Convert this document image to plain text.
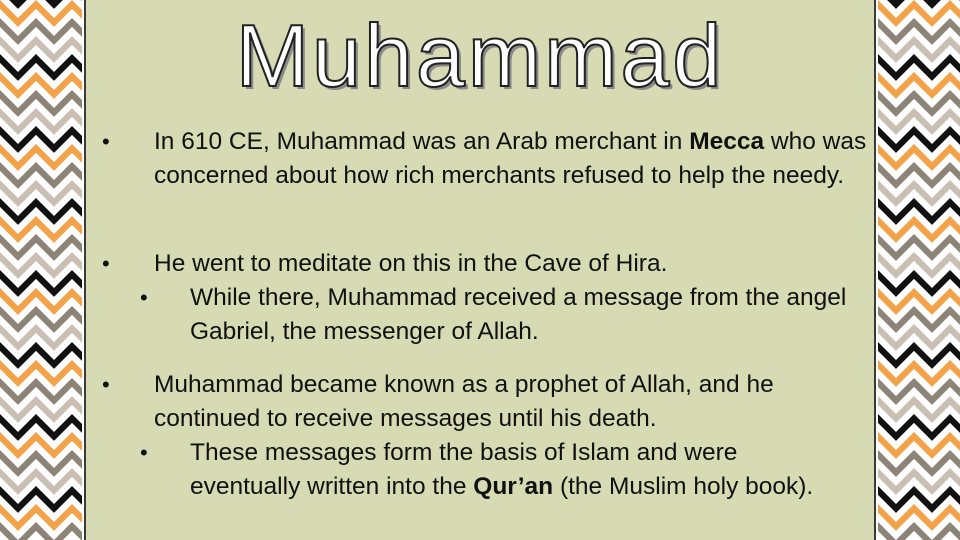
Muhammad
• In 610 CE, Muhammad was an Arab merchant in Mecca who was concerned about how rich merchants refused to help the needy.
• He went to meditate on this in the Cave of Hira.
• While there, Muhammad received a message from the angel Gabriel, the messenger of Allah.
• Muhammad became known as a prophet of Allah, and he continued to receive messages until his death.
• These messages form the basis of Islam and were eventually written into the Qur’an (the Muslim holy book).
